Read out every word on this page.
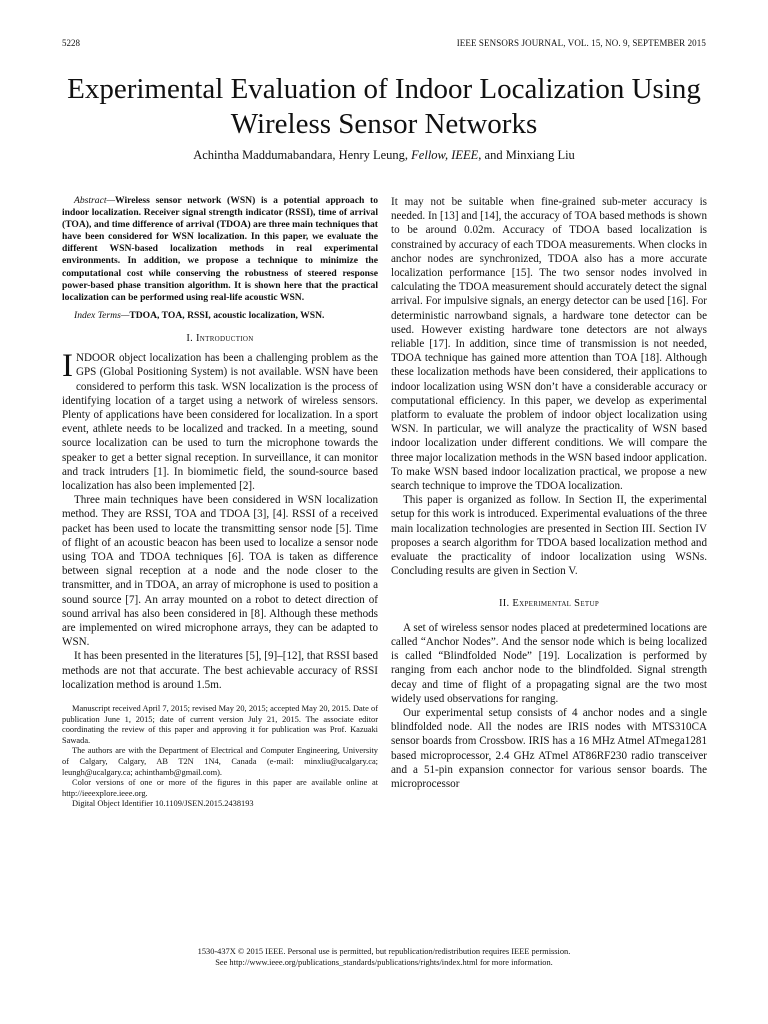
5228	IEEE SENSORS JOURNAL, VOL. 15, NO. 9, SEPTEMBER 2015
Experimental Evaluation of Indoor Localization Using Wireless Sensor Networks
Achintha Maddumabandara, Henry Leung, Fellow, IEEE, and Minxiang Liu

Abstract—Wireless sensor network (WSN) is a potential approach to indoor localization. Receiver signal strength indicator (RSSI), time of arrival (TOA), and time difference of arrival (TDOA) are three main techniques that have been considered for WSN localization. In this paper, we evaluate the different WSN-based localization methods in real experimental environments. In addition, we propose a technique to minimize the computational cost while conserving the robustness of steered response power-based phase transition algorithm. It is shown here that the practical localization can be performed using real-life acoustic WSN.

Index Terms—TDOA, TOA, RSSI, acoustic localization, WSN.

I. Introduction

INDOOR object localization has been a challenging problem as the GPS (Global Positioning System) is not available. WSN have been considered to perform this task. WSN localization is the process of identifying location of a target using a network of wireless sensors. Plenty of applications have been considered for localization. In a sport event, athlete needs to be localized and tracked. In a meeting, sound source localization can be used to turn the microphone towards the speaker to get a better signal reception. In surveillance, it can monitor and track intruders [1]. In biomimetic field, the sound-source based localization has also been implemented [2].

Three main techniques have been considered in WSN localization method. They are RSSI, TOA and TDOA [3], [4]. RSSI of a received packet has been used to locate the transmitting sensor node [5]. Time of flight of an acoustic beacon has been used to localize a sensor node using TOA and TDOA techniques [6]. TOA is taken as difference between signal reception at a node and the node closer to the transmitter, and in TDOA, an array of microphone is used to position a sound source [7]. An array mounted on a robot to detect direction of sound arrival has also been considered in [8]. Although these methods are implemented on wired microphone arrays, they can be adapted to WSN.

It has been presented in the literatures [5], [9]–[12], that RSSI based methods are not that accurate. The best achievable accuracy of RSSI localization method is around 1.5m.

Manuscript received April 7, 2015; revised May 20, 2015; accepted May 20, 2015. Date of publication June 1, 2015; date of current version July 21, 2015. The associate editor coordinating the review of this paper and approving it for publication was Prof. Kazuaki Sawada.

The authors are with the Department of Electrical and Computer Engineering, University of Calgary, Calgary, AB T2N 1N4, Canada (e-mail: minxliu@ucalgary.ca; leungh@ucalgary.ca; achinthamb@gmail.com).

Color versions of one or more of the figures in this paper are available online at http://ieeexplore.ieee.org.

Digital Object Identifier 10.1109/JSEN.2015.2438193

It may not be suitable when fine-grained sub-meter accuracy is needed. In [13] and [14], the accuracy of TOA based methods is shown to be around 0.02m. Accuracy of TDOA based localization is constrained by accuracy of each TDOA measurements. When clocks in anchor nodes are synchronized, TDOA also has a more accurate localization performance [15]. The two sensor nodes involved in calculating the TDOA measurement should accurately detect the signal arrival. For impulsive signals, an energy detector can be used [16]. For deterministic narrowband signals, a hardware tone detector can be used. However existing hardware tone detectors are not always reliable [17]. In addition, since time of transmission is not needed, TDOA technique has gained more attention than TOA [18]. Although these localization methods have been considered, their applications to indoor localization using WSN don’t have a considerable accuracy or computational efficiency. In this paper, we develop as experimental platform to evaluate the problem of indoor object localization using WSN. In particular, we will analyze the practicality of WSN based indoor localization under different conditions. We will compare the three major localization methods in the WSN based indoor application. To make WSN based indoor localization practical, we propose a new search technique to improve the TDOA localization.

This paper is organized as follow. In Section II, the experimental setup for this work is introduced. Experimental evaluations of the three main localization technologies are presented in Section III. Section IV proposes a search algorithm for TDOA based localization method and evaluate the practicality of indoor localization using WSNs. Concluding results are given in Section V.

II. Experimental Setup

A set of wireless sensor nodes placed at predetermined locations are called “Anchor Nodes”. And the sensor node which is being localized is called “Blindfolded Node” [19]. Localization is performed by ranging from each anchor node to the blindfolded. Signal strength decay and time of flight of a propagating signal are the two most widely used observations for ranging.

Our experimental setup consists of 4 anchor nodes and a single blindfolded node. All the nodes are IRIS nodes with MTS310CA sensor boards from Crossbow. IRIS has a 16 MHz Atmel ATmega1281 based microprocessor, 2.4 GHz ATmel AT86RF230 radio transceiver and a 51-pin expansion connector for various sensor boards. The microprocessor

1530-437X © 2015 IEEE. Personal use is permitted, but republication/redistribution requires IEEE permission.
See http://www.ieee.org/publications_standards/publications/rights/index.html for more information.
